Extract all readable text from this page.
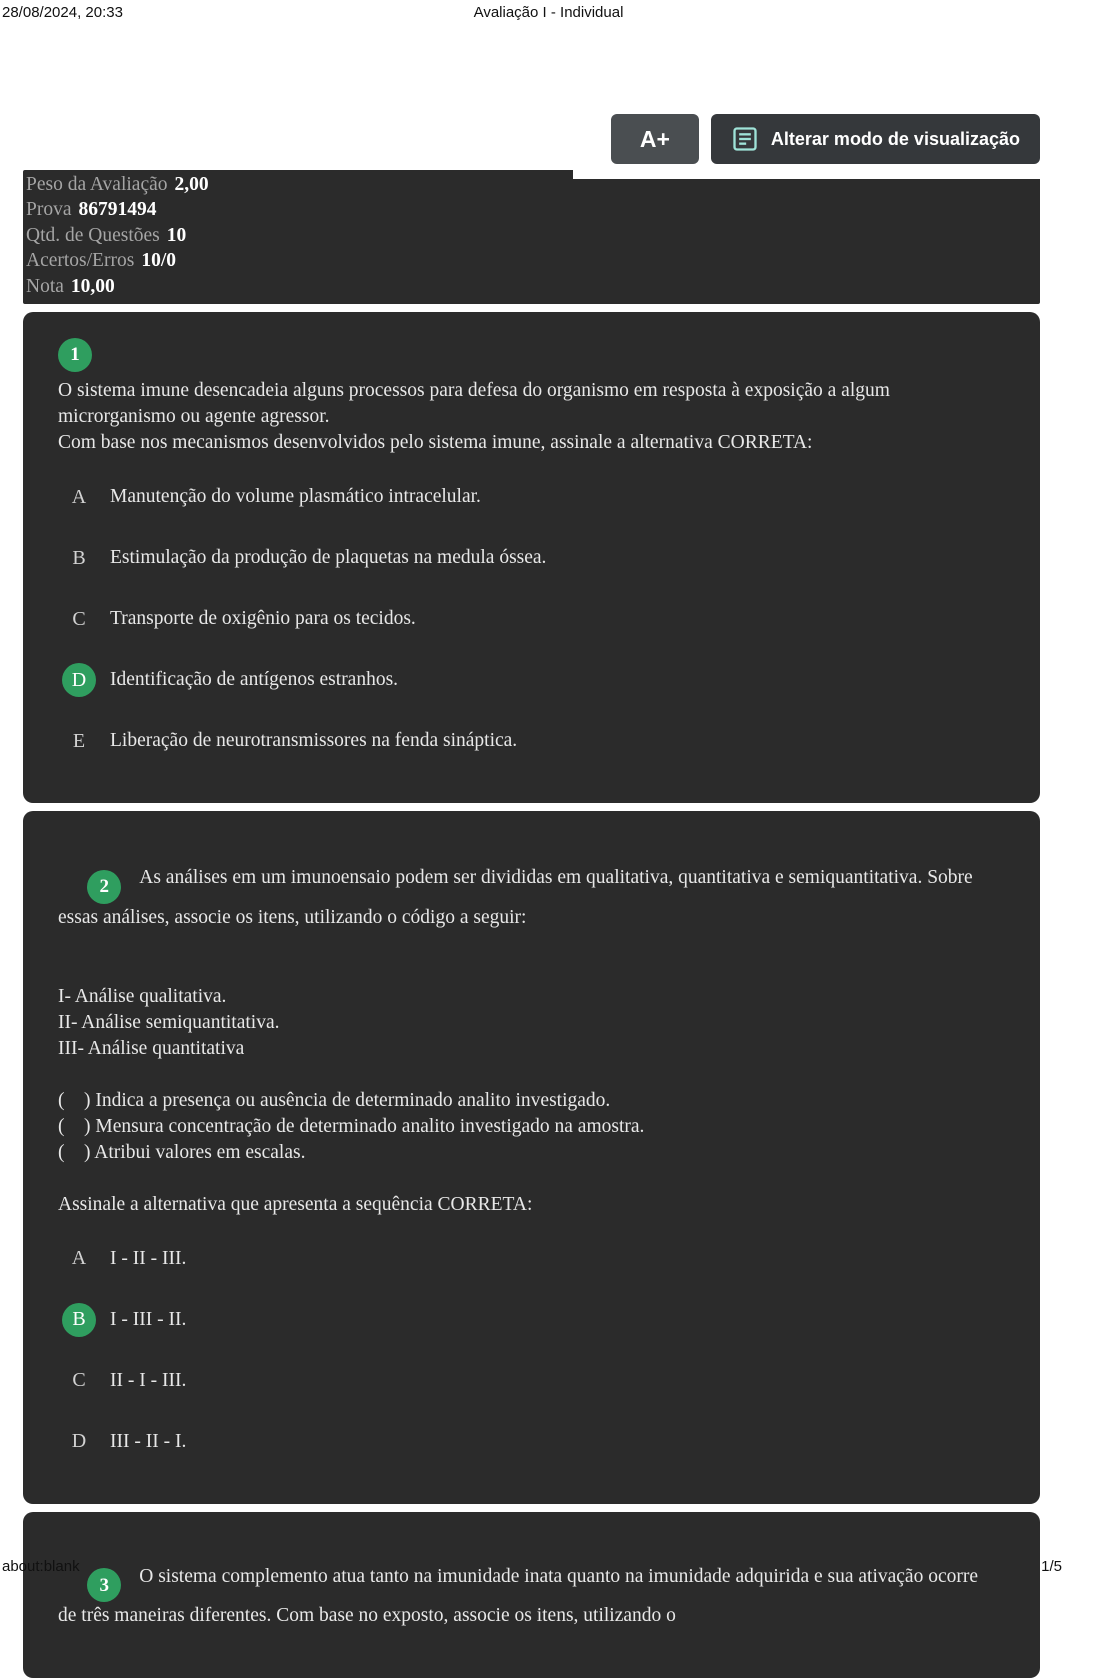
28/08/2024, 20:33	Avaliação I - Individual
A+	Alterar modo de visualização
Peso da Avaliação 2,00
Prova 86791494
Qtd. de Questões 10
Acertos/Erros 10/0
Nota 10,00
1

O sistema imune desencadeia alguns processos para defesa do organismo em resposta à exposição a algum microrganismo ou agente agressor.

Com base nos mecanismos desenvolvidos pelo sistema imune, assinale a alternativa CORRETA:

A	Manutenção do volume plasmático intracelular.
B	Estimulação da produção de plaquetas na medula óssea.
C	Transporte de oxigênio para os tecidos.
D	Identificação de antígenos estranhos.
E	Liberação de neurotransmissores na fenda sináptica.

2 As análises em um imunoensaio podem ser divididas em qualitativa, quantitativa e semiquantitativa. Sobre essas análises, associe os itens, utilizando o código a seguir:

I- Análise qualitativa.

II- Análise semiquantitativa.

III- Análise quantitativa

(    ) Indica a presença ou ausência de determinado analito investigado.

(    ) Mensura concentração de determinado analito investigado na amostra.

(    ) Atribui valores em escalas.

Assinale a alternativa que apresenta a sequência CORRETA:

A	I - II - III.
B	I - III - II.
C	II - I - III.
D	III - II - I.

3 O sistema complemento atua tanto na imunidade inata quanto na imunidade adquirida e sua ativação ocorre de três maneiras diferentes. Com base no exposto, associe os itens, utilizando o

about:blank	1/5
